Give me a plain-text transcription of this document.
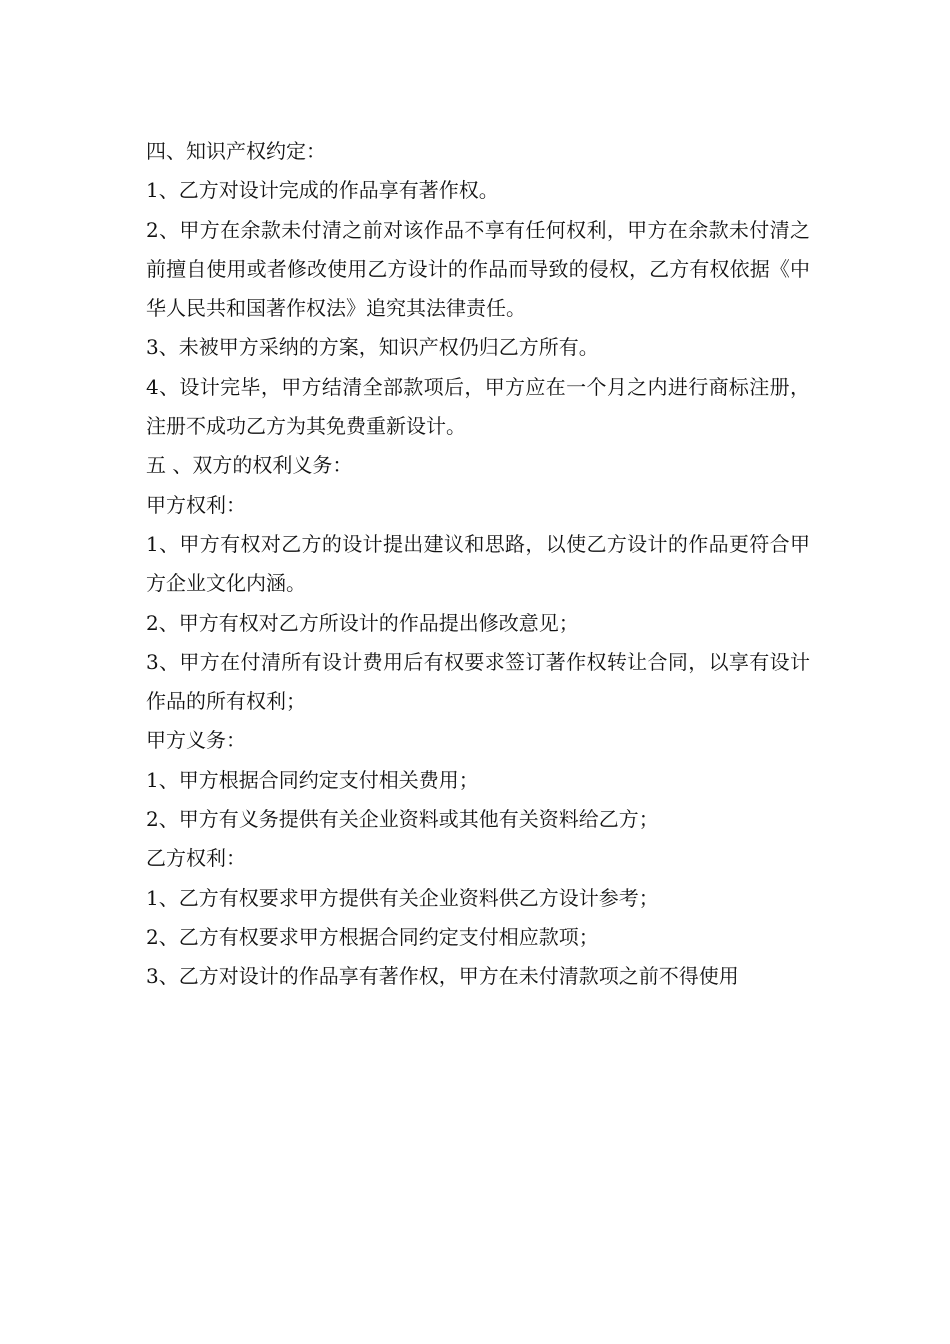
四、知识产权约定：

1、乙方对设计完成的作品享有著作权。

2、甲方在余款未付清之前对该作品不享有任何权利，甲方在余款未付清之前擅自使用或者修改使用乙方设计的作品而导致的侵权，乙方有权依据《中华人民共和国著作权法》追究其法律责任。

3、未被甲方采纳的方案，知识产权仍归乙方所有。

4、设计完毕，甲方结清全部款项后，甲方应在一个月之内进行商标注册，注册不成功乙方为其免费重新设计。

五 、双方的权利义务：

甲方权利：

1、甲方有权对乙方的设计提出建议和思路，以使乙方设计的作品更符合甲方企业文化内涵。

2、甲方有权对乙方所设计的作品提出修改意见；

3、甲方在付清所有设计费用后有权要求签订著作权转让合同，以享有设计作品的所有权利；

甲方义务：

1、甲方根据合同约定支付相关费用；

2、甲方有义务提供有关企业资料或其他有关资料给乙方；

乙方权利：

1、乙方有权要求甲方提供有关企业资料供乙方设计参考；

2、乙方有权要求甲方根据合同约定支付相应款项；

3、乙方对设计的作品享有著作权，甲方在未付清款项之前不得使用
